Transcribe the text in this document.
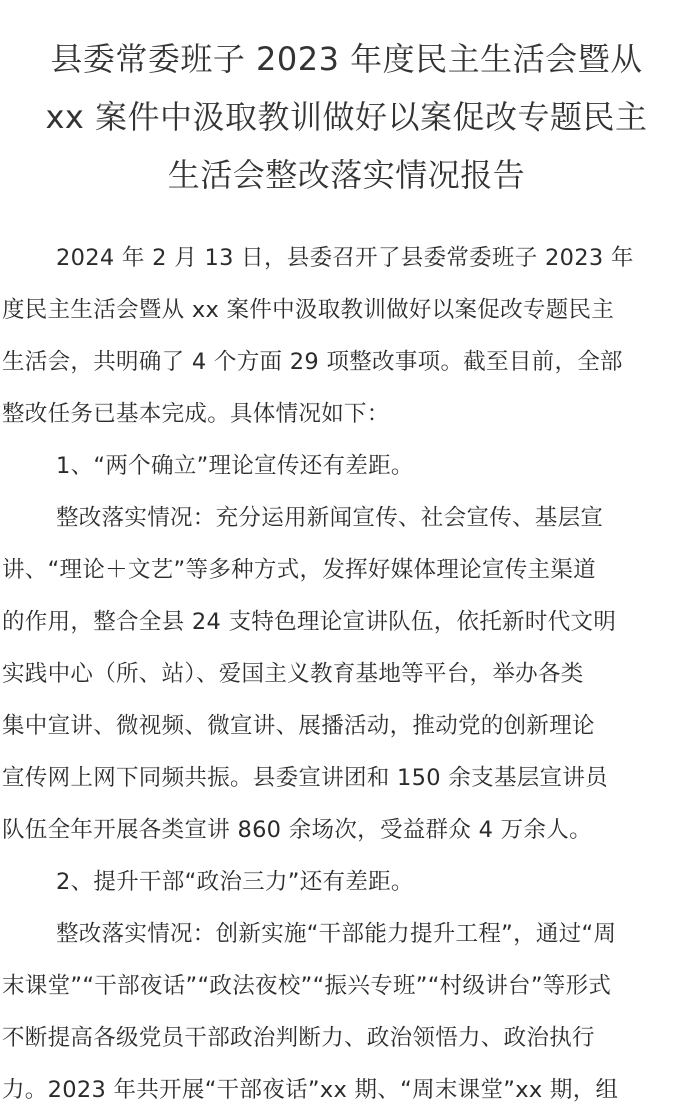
县委常委班子 2023 年度民主生活会暨从
xx 案件中汲取教训做好以案促改专题民主
生活会整改落实情况报告
2024 年 2 月 13 日，县委召开了县委常委班子 2023 年
度民主生活会暨从 xx 案件中汲取教训做好以案促改专题民主
生活会，共明确了 4 个方面 29 项整改事项。截至目前，全部
整改任务已基本完成。具体情况如下：
1、“两个确立”理论宣传还有差距。
整改落实情况：充分运用新闻宣传、社会宣传、基层宣
讲、“理论＋文艺”等多种方式，发挥好媒体理论宣传主渠道
的作用，整合全县 24 支特色理论宣讲队伍，依托新时代文明
实践中心（所、站）、爱国主义教育基地等平台，举办各类
集中宣讲、微视频、微宣讲、展播活动，推动党的创新理论
宣传网上网下同频共振。县委宣讲团和 150 余支基层宣讲员
队伍全年开展各类宣讲 860 余场次，受益群众 4 万余人。
2、提升干部“政治三力”还有差距。
整改落实情况：创新实施“干部能力提升工程”，通过“周
末课堂”“干部夜话”“政法夜校”“振兴专班”“村级讲台”等形式
不断提高各级党员干部政治判断力、政治领悟力、政治执行
力。2023 年共开展“干部夜话”xx 期、“周末课堂”xx 期，组
